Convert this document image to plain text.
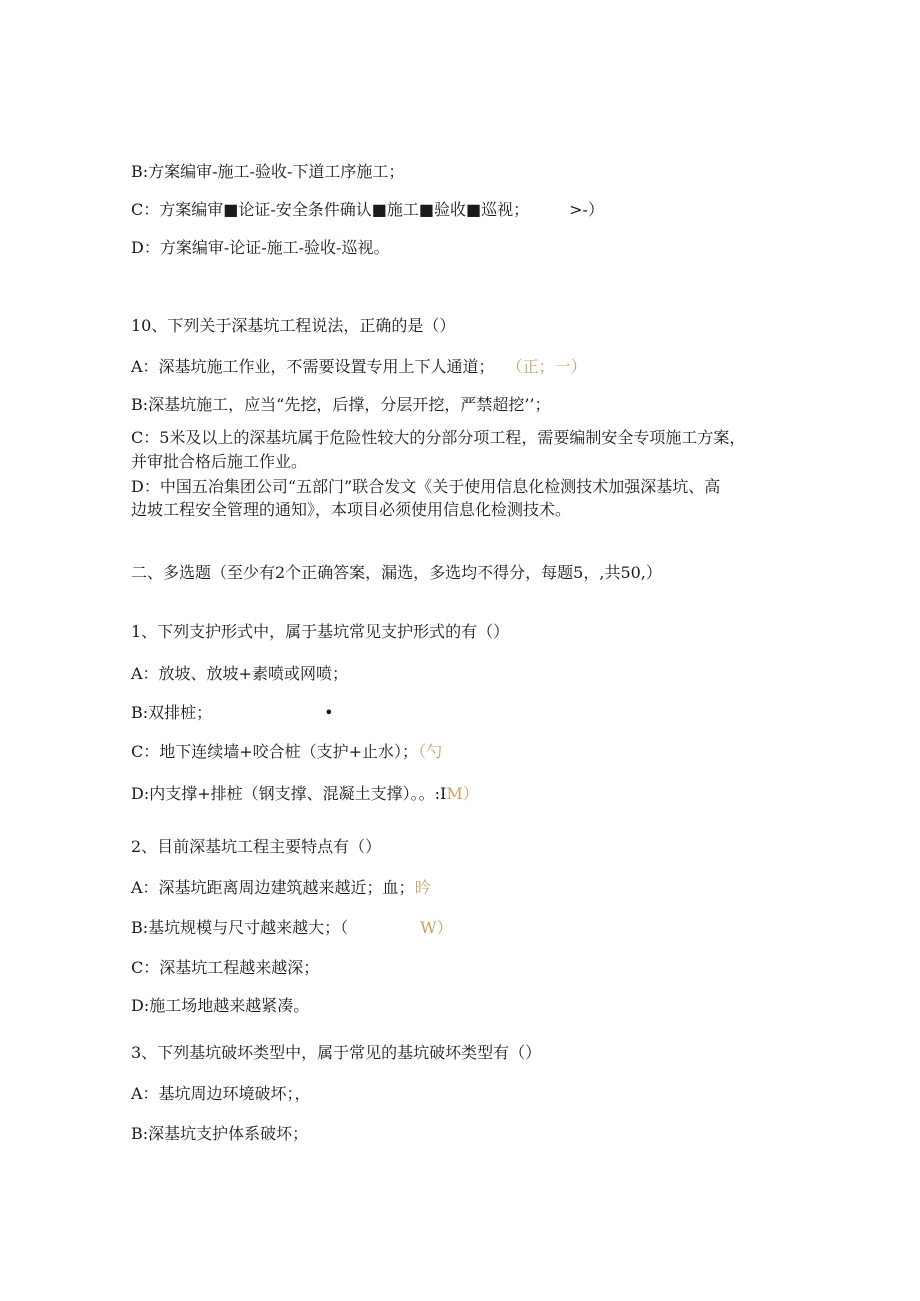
B:方案编审-施工-验收-下道工序施工；
C：方案编审■论证-安全条件确认■施工■验收■巡视；	>-）
D：方案编审-论证-施工-验收-巡视。
10、下列关于深基坑工程说法，正确的是（）
A：深基坑施工作业，不需要设置专用上下人通道； （正；一）
B:深基坑施工，应当“先挖，后撑，分层开挖，严禁超挖’’；
C：5米及以上的深基坑属于危险性较大的分部分项工程，需要编制安全专项施工方案，
并审批合格后施工作业。
D：中国五冶集团公司“五部门”联合发文《关于使用信息化检测技术加强深基坑、高
边坡工程安全管理的通知》，本项目必须使用信息化检测技术。
二、多选题（至少有2个正确答案，漏选，多选均不得分，每题5，,共50,）
1、下列支护形式中，属于基坑常见支护形式的有（）
A：放坡、放坡+素喷或网喷；
B:双排桩；	•
C：地下连续墙+咬合桩（支护+止水）；（勺
D:内支撑+排桩（钢支撑、混凝土支撑）。。:IM）
2、目前深基坑工程主要特点有（）
A：深基坑距离周边建筑越来越近；血；昑
B:基坑规模与尺寸越来越大；（	W）
C：深基坑工程越来越深；
D:施工场地越来越紧凑。
3、下列基坑破坏类型中，属于常见的基坑破坏类型有（）
A：基坑周边环境破坏；，
B:深基坑支护体系破坏；
